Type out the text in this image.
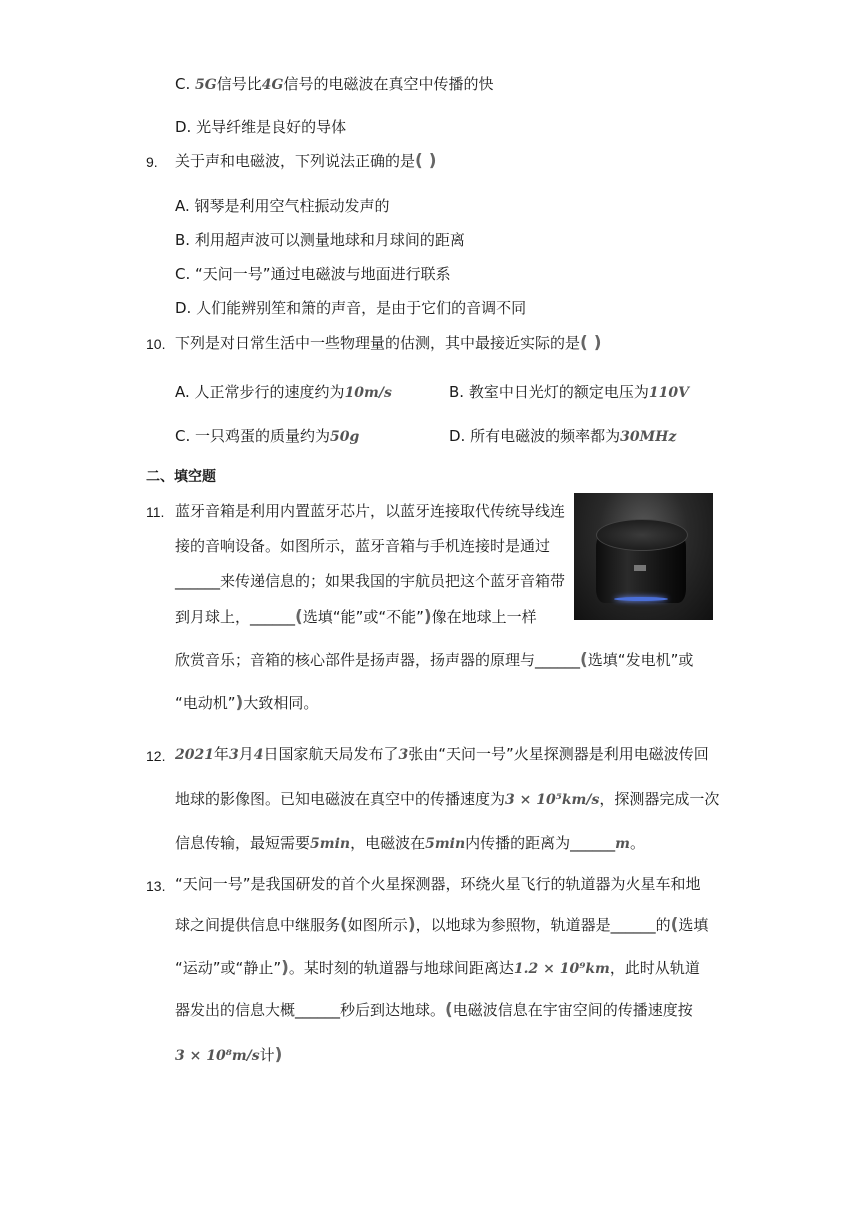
C. 5G信号比4G信号的电磁波在真空中传播的快
D. 光导纤维是良好的导体
9. 关于声和电磁波，下列说法正确的是( )
A. 钢琴是利用空气柱振动发声的
B. 利用超声波可以测量地球和月球间的距离
C. “天问一号”通过电磁波与地面进行联系
D. 人们能辨别笙和箫的声音，是由于它们的音调不同
10. 下列是对日常生活中一些物理量的估测，其中最接近实际的是( )
A. 人正常步行的速度约为10m/s	B. 教室中日光灯的额定电压为110V
C. 一只鸡蛋的质量约为50g	D. 所有电磁波的频率都为30MHz
二、填空题
11. 蓝牙音箱是利用内置蓝牙芯片，以蓝牙连接取代传统导线连
接的音响设备。如图所示，蓝牙音箱与手机连接时是通过
______来传递信息的；如果我国的宇航员把这个蓝牙音箱带
到月球上，______(选填“能”或“不能”)像在地球上一样
欣赏音乐；音箱的核心部件是扬声器，扬声器的原理与______(选填“发电机”或
“电动机”)大致相同。
12. 2021年3月4日国家航天局发布了3张由“天问一号”火星探测器是利用电磁波传回
地球的影像图。已知电磁波在真空中的传播速度为3 × 10⁵km/s，探测器完成一次
信息传输，最短需要5min，电磁波在5min内传播的距离为______m。
13. “天问一号”是我国研发的首个火星探测器，环绕火星飞行的轨道器为火星车和地
球之间提供信息中继服务(如图所示)，以地球为参照物，轨道器是______的(选填
“运动”或“静止”)。某时刻的轨道器与地球间距离达1.2 × 10⁹km，此时从轨道
器发出的信息大概______秒后到达地球。(电磁波信息在宇宙空间的传播速度按
3 × 10⁸m/s计)
